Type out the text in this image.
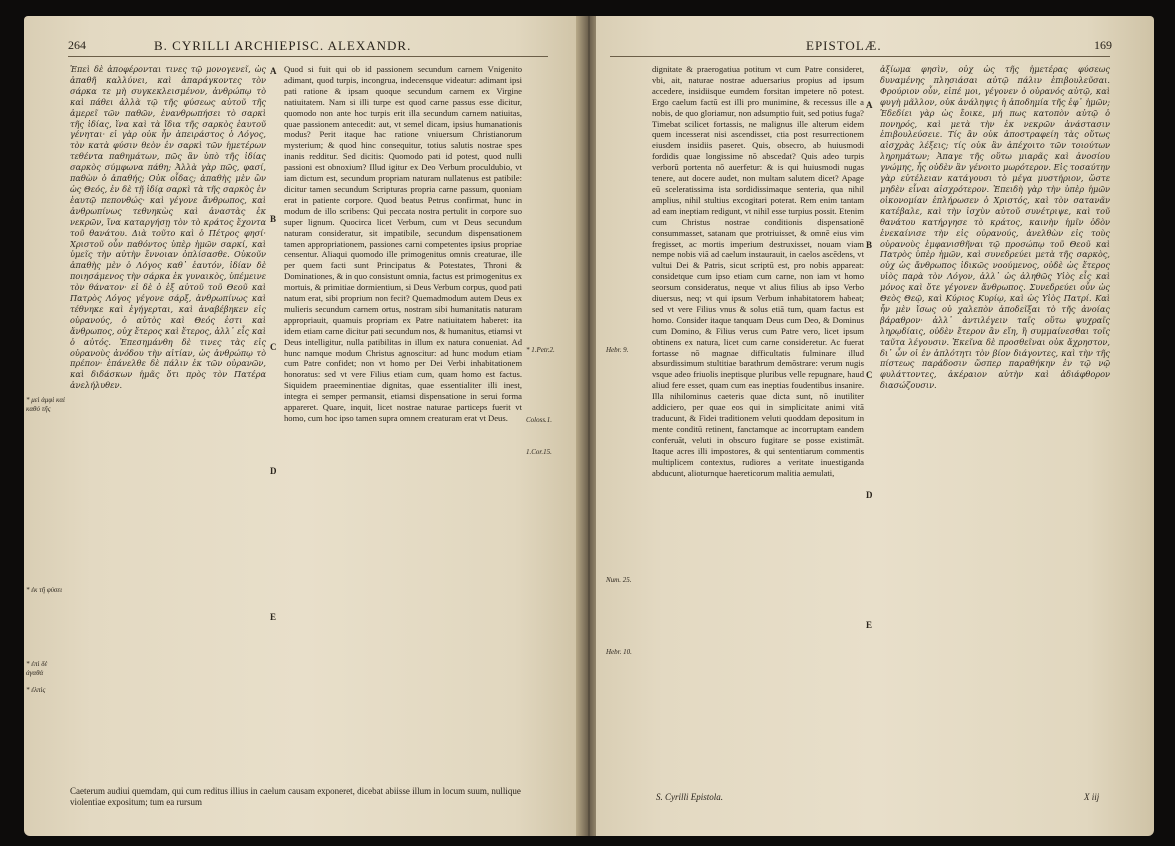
264	B. CYRILLI ARCHIEPISC. ALEXANDR.

Ἐπεὶ δὲ ἀποφέρονται τινες τῷ μονογενεῖ, ὡς ἀπαθῆ καλλύνει, καὶ ἀπαράγκοντες τὸν σάρκα τε μὴ συγκεκλεισμένον, ἀνθρώπῳ τὸ καὶ πάθει ἀλλὰ τῷ τῆς φύσεως αὐτοῦ τῆς ἀμερεῖ τῶν παθῶν, ἐνανθρωπήσει τὸ σαρκὶ τῆς ἰδίας, ἵνα καὶ τὰ ἴδια τῆς σαρκὸς ἑαυτοῦ γένηται· εἰ γὰρ οὐκ ἦν ἀπειράστος ὁ Λόγος, τὸν κατὰ φύσιν θεὸν ἐν σαρκὶ τῶν ἡμετέρων τεθέντα παθημάτων, πῶς ἂν ὑπὸ τῆς ἰδίας σαρκὸς σύμφωνα πάθη; Ἀλλὰ γὰρ πῶς, φασί, παθὼν ὁ ἀπαθής; Οὐκ οἶδας; ἀπαθὴς μὲν ὢν ὡς Θεός, ἐν δὲ τῇ ἰδίᾳ σαρκὶ τὰ τῆς σαρκὸς ἐν ἑαυτῷ πεπονθώς· καὶ γέγονε ἄνθρωπος, καὶ ἀνθρωπίνως τεθνηκὼς καὶ ἀναστὰς ἐκ νεκρῶν, ἵνα καταργήσῃ τὸν τὸ κράτος ἔχοντα τοῦ θανάτου. Διὰ τοῦτο καὶ ὁ Πέτρος φησί· Χριστοῦ οὖν παθόντος ὑπὲρ ἡμῶν σαρκί, καὶ ὑμεῖς τὴν αὐτὴν ἔννοιαν ὁπλίσασθε. Οὐκοῦν ἀπαθὴς μὲν ὁ Λόγος καθ᾿ ἑαυτόν, ἰδίαν δὲ ποιησάμενος τὴν σάρκα ἐκ γυναικὸς, ὑπέμεινε τὸν θάνατον· εἰ δὲ ὁ ἐξ αὐτοῦ τοῦ Θεοῦ καὶ Πατρὸς Λόγος γέγονε σάρξ, ἀνθρωπίνως καὶ τέθνηκε καὶ ἐγήγερται, καὶ ἀναβέβηκεν εἰς οὐρανούς, ὁ αὐτὸς καὶ Θεός ἐστι καὶ ἄνθρωπος, οὐχ ἕτερος καὶ ἕτερος, ἀλλ᾿ εἷς καὶ ὁ αὐτός. Ἐπεσημάνθη δὲ τινες τὰς εἰς οὐρανοὺς ἀνόδου τὴν αἰτίαν, ὡς ἀνθρώπῳ τὸ πρέπον· ἐπάνελθε δὲ πάλιν ἐκ τῶν οὐρανῶν, καὶ διδάσκων ἡμᾶς ὅτι πρὸς τὸν Πατέρα ἀνελήλυθεν.

A
B
C
D
E

Quod si fuit qui ob id passionem secundum carnem Vnigenito adimant, quod turpis, incongrua, indecensque videatur: adimant ipsi pati ratione & ipsam quoque secundum carnem ex Virgine natiuitatem. Nam si illi turpe est quod carne passus esse dicitur, quomodo non ante hoc turpis erit illa secundum carnem natiuitas, quae passionem antecedit: aut, vt semel dicam, ipsius humanationis modus? Perit itaque hac ratione vniuersum Christianorum mysterium; & quod hinc consequitur, totius salutis nostrae spes inanis redditur. Sed dicitis: Quomodo pati id potest, quod nulli passioni est obnoxium? Illud igitur ex Deo Verbum proculdubio, vt iam dictum est, secundum propriam naturam nullatenus est patibile: dicitur tamen secundum Scripturas propria carne passum, quoniam erat in patiente corpore. Quod beatus Petrus confirmat, hunc in modum de illo scribens: Qui peccata nostra pertulit in corpore suo super lignum. Quocirca licet Verbum, cum vt Deus secundum naturam consideratur, sit impatibile, secundum dispensationem tamen appropriationem, passiones carni competentes ipsius propriae censentur. Aliaqui quomodo ille primogenitus omnis creaturae, ille per quem facti sunt Principatus & Potestates, Throni & Dominationes, & in quo consistunt omnia, factus est primogenitus ex mortuis, & primitiae dormientium, si Deus Verbum corpus, quod pati natum erat, sibi proprium non fecit? Quemadmodum autem Deus ex mulieris secundum carnem ortus, nostram sibi humanitatis naturam appropriauit, quamuis propriam ex Patre natiuitatem haberet: ita idem etiam carne dicitur pati secundum nos, & humanitus, etiamsi vt Deus intelligitur, nulla patibilitas in illum ex natura conueniat. Ad hunc namque modum Christus agnoscitur: ad hunc modum etiam cum Patre confidet; non vt homo per Dei Verbi inhabitationem honoratus: sed vt vere Filius etiam cum, quam homo est factus. Siquidem praeeminentiae dignitas, quae essentialiter illi inest, integra ei semper permansit, etiamsi dispensatione in serui forma appareret. Quare, inquit, licet nostrae naturae particeps fuerit vt homo, cum hoc ipso tamen supra omnem creaturam erat vt Deus.

* μεὶ ἀμφὶ καὶ καθό τῆς
* ἐκ τῆ φύσει
* ἐπὶ δὲ ἀγαθά
* ἐλπὶς
* 1.Petr.2.
Coloss.1.
1.Cor.15.
Caeterum audiui quemdam, qui cum reditus illius in caelum causam exponeret, dicebat abiisse illum in locum suum, nullique violentiae expositum; tum ea rursum
EPISTOLÆ.	169

dignitate & praerogatiua potitum vt cum Patre consideret, vbi, ait, naturae nostrae aduersarius propius ad ipsum accedere, insidiisque eumdem forsitan impetere nō potest. Ergo caelum factū est illi pro munimine, & recessus ille a nobis, de quo gloriamur, non adsumptio fuit, sed potius fuga? Timebat scilicet fortassis, ne malignus ille alterum eidem quem incesserat nisi ascendisset, ctia post resurrectionem eiusdem insidiis paseret. Quis, obsecro, ab huiusmodi fordidis quae longissime nō abscedat? Quis adeo turpis verborū portenta nō auerfetur: & is qui huiusmodi nugas tenere, aut docere audet, non multam salutem dicet? Apage eū sceleratissima ista sordidissimaque senteria, qua nihil amplius, nihil stultius excogitari poterat. Rem enim tantam ad eam ineptiam redigunt, vt nihil esse turpius possit. Etenim cum Christus nostrae conditionis dispensationē consummasset, satanam que protriuisset, & omnē eius vim fregisset, ac mortis imperium destruxisset, nouam viam nempe nobis viā ad caelum instaurauit, in caelos ascēdens, vt vultui Dei & Patris, sicut scriptū est, pro nobis appareat: considetque cum ipso etiam cum carne, non iam vt homo seorsum consideratus, neque vt alius filius ab ipso Verbo diuersus, neq; vt qui ipsum Verbum inhabitatorem habeat; sed vt vere Filius vnus & solus etiā tum, quam factus est homo. Consider itaque tanquam Deus cum Deo, & Dominus cum Domino, & Filius verus cum Patre vero, licet ipsum obtinens ex natura, licet cum carne consideretur. Ac fuerat fortasse nō magnae difficultatis fulminare illud absurdissimum stultitiae barathrum demōstrare: verum nugis vsque adeo friuolis ineptisque pluribus velle repugnare, haud aliud fere esset, quam cum eas ineptias foudentibus insanire. Illa nihilominus caeteris quae dicta sunt, nō inutiliter addiciero, per quae eos qui in simplicitate animi vitā traducunt, & Fidei traditionem veluti quoddam depositum in mente conditū retinent, fanctamque ac incorruptam eandem conferuāt, veluti in obscuro fugitare se posse existimāt. Itaque acres illi impostores, & qui sententiarum commentis multiplicem contextus, rudiores a veritate inuestiganda abducunt, alioturnque haereticorum malitia aemulati,

A
B
C
D
E

ἀξίωμα φησὶν, οὐχ ὡς τῆς ἡμετέρας φύσεως δυναμένης πλησιάσαι αὐτῷ πάλιν ἐπιβουλεῦσαι. Φρούριον οὖν, εἰπέ μοι, γέγονεν ὁ οὐρανός αὐτῷ, καὶ φυγὴ μᾶλλον, οὐκ ἀνάληψις ἡ ἀποδημία τῆς ἐφ᾿ ἡμῶν; Ἐδεδίει γὰρ ὡς ἔοικε, μή πως κατοπὸν αὐτῷ ὁ πονηρός, καὶ μετὰ τὴν ἐκ νεκρῶν ἀνάστασιν ἐπιβουλεύσειε. Τίς ἂν οὐκ ἀποστραφείη τὰς οὕτως αἰσχρὰς λέξεις; τίς οὐκ ἂν ἀπέχοιτο τῶν τοιούτων ληρημάτων; Ἀπαγε τῆς οὕτω μιαρᾶς καὶ ἀνοσίου γνώμης, ἧς οὐδὲν ἂν γένοιτο μωρότερον. Εἰς τοσαύτην γὰρ εὐτέλειαν κατάγουσι τὸ μέγα μυστήριον, ὥστε μηδὲν εἶναι αἰσχρότερον. Ἐπειδὴ γὰρ τὴν ὑπὲρ ἡμῶν οἰκονομίαν ἐπλήρωσεν ὁ Χριστός, καὶ τὸν σατανᾶν κατέβαλε, καὶ τὴν ἰσχὺν αὐτοῦ συνέτριψε, καὶ τοῦ θανάτου κατήργησε τὸ κράτος, καινὴν ἡμῖν ὁδὸν ἐνεκαίνισε τὴν εἰς οὐρανούς, ἀνελθὼν εἰς τοὺς οὐρανοὺς ἐμφανισθῆναι τῷ προσώπῳ τοῦ Θεοῦ καὶ Πατρὸς ὑπὲρ ἡμῶν, καὶ συνεδρεύει μετὰ τῆς σαρκὸς, οὐχ ὡς ἄνθρωπος ἰδικῶς νοούμενος, οὐδὲ ὡς ἕτερος υἱὸς παρὰ τὸν Λόγον, ἀλλ᾿ ὡς ἀληθῶς Υἱὸς εἷς καὶ μόνος καὶ ὅτε γέγονεν ἄνθρωπος. Συνεδρεύει οὖν ὡς Θεὸς Θεῷ, καὶ Κύριος Κυρίῳ, καὶ ὡς Υἱὸς Πατρί. Καὶ ἦν μὲν ἴσως οὐ χαλεπὸν ἀποδεῖξαι τὸ τῆς ἀνοίας βάραθρον· ἀλλ᾿ ἀντιλέγειν ταῖς οὕτω ψυχραῖς ληρῳδίαις, οὐδὲν ἕτερον ἂν εἴη, ἢ συμμαίνεσθαι τοῖς ταῦτα λέγουσιν. Ἐκεῖνα δὲ προσθεῖναι οὐκ ἄχρηστον, δι᾿ ὧν οἱ ἐν ἁπλότητι τὸν βίον διάγοντες, καὶ τὴν τῆς πίστεως παράδοσιν ὥσπερ παραθήκην ἐν τῷ νῷ φυλάττοντες, ἀκέραιον αὐτὴν καὶ ἀδιάφθορον διασώζουσιν.

Hebr. 9.
Num. 25.
Hebr. 10.
S. Cyrilli Epistola.	X iij
